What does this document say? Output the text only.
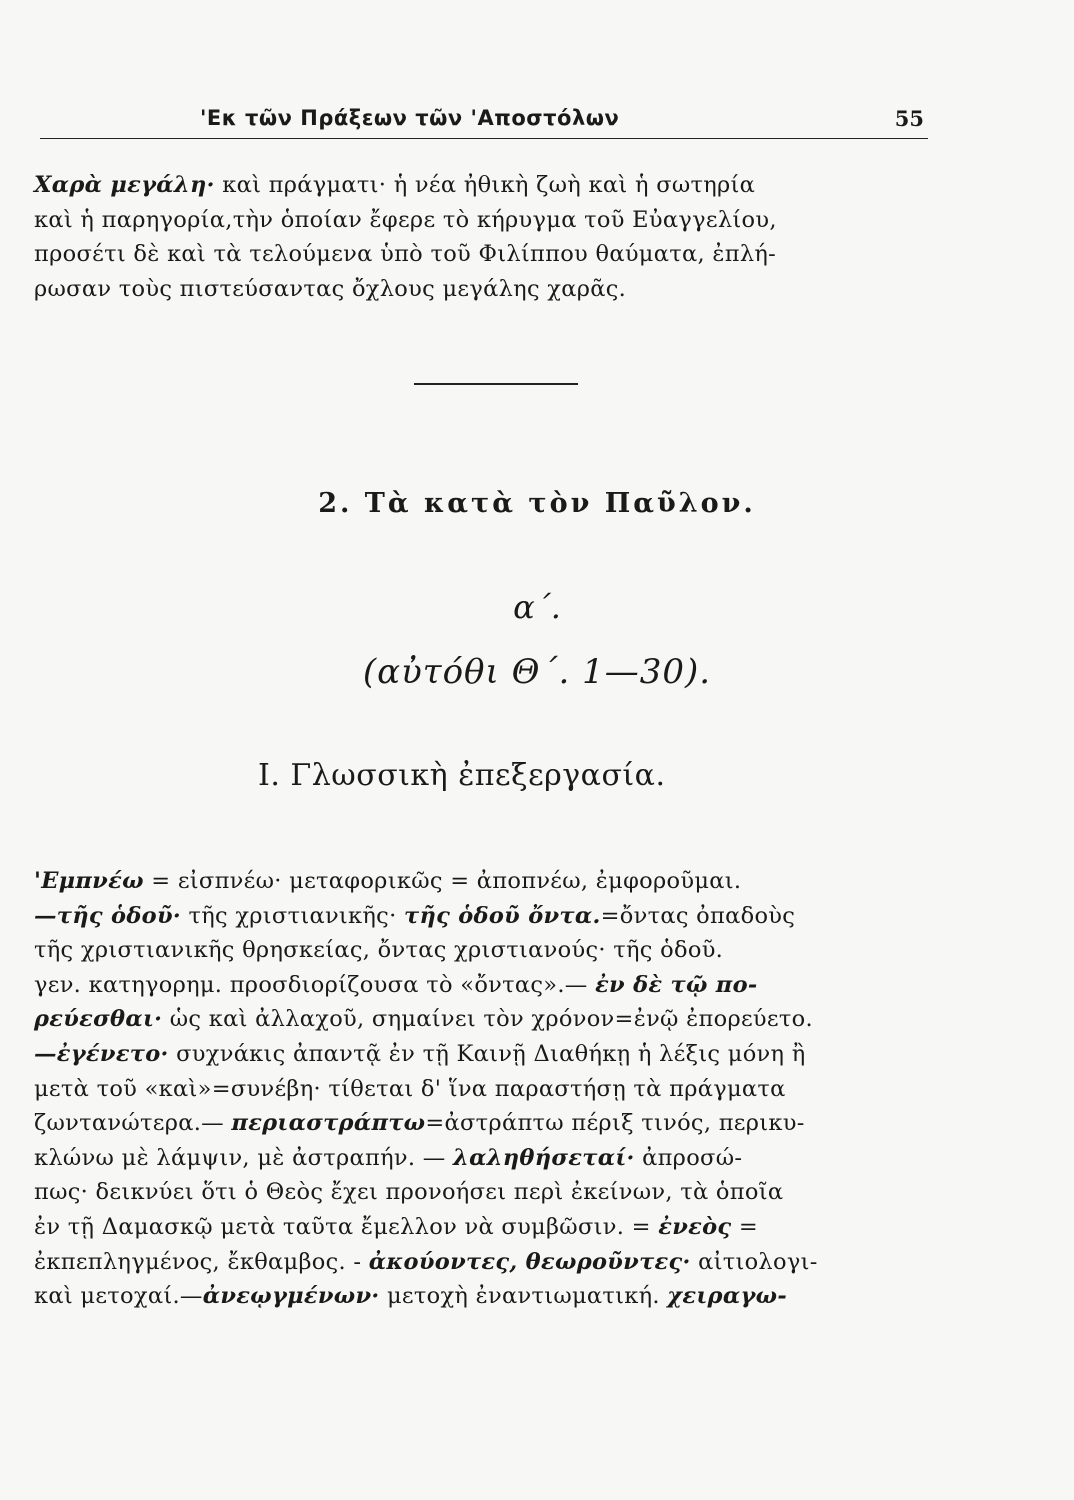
'Εκ τῶν Πράξεων τῶν 'Αποστόλων	55
Χαρὰ μεγάλη· καὶ πράγματι· ἡ νέα ἠθικὴ ζωὴ καὶ ἡ σωτηρία
καὶ ἡ παρηγορία,τὴν ὁποίαν ἔφερε τὸ κήρυγμα τοῦ Εὐαγγελίου,
προσέτι δὲ καὶ τὰ τελούμενα ὑπὸ τοῦ Φιλίππου θαύματα, ἐπλή-
ρωσαν τοὺς πιστεύσαντας ὄχλους μεγάλης χαρᾶς.
2. Τὰ κατὰ τὸν Παῦλον.
α΄.
(αὐτόθι Θ΄. 1—30).
Ι. Γλωσσικὴ ἐπεξεργασία.
'Εμπνέω = εἰσπνέω· μεταφορικῶς = ἀποπνέω, ἐμφοροῦμαι.
—τῆς ὁδοῦ· τῆς χριστιανικῆς· τῆς ὁδοῦ ὄντα.=ὄντας ὀπαδοὺς
τῆς χριστιανικῆς θρησκείας, ὄντας χριστιανούς· τῆς ὁδοῦ.
γεν. κατηγορημ. προσδιορίζουσα τὸ «ὄντας».— ἐν δὲ τῷ πο-
ρεύεσθαι· ὡς καὶ ἀλλαχοῦ, σημαίνει τὸν χρόνον=ἐνῷ ἐπορεύετο.
—ἐγένετο· συχνάκις ἀπαντᾷ ἐν τῇ Καινῇ Διαθήκῃ ἡ λέξις μόνη ἢ
μετὰ τοῦ «καὶ»=συνέβη· τίθεται δ' ἵνα παραστήσῃ τὰ πράγματα
ζωντανώτερα.— περιαστράπτω=ἀστράπτω πέριξ τινός, περικυ-
κλώνω μὲ λάμψιν, μὲ ἀστραπήν. — λαληθήσεταί· ἀπροσώ-
πως· δεικνύει ὅτι ὁ Θεὸς ἔχει προνοήσει περὶ ἐκείνων, τὰ ὁποῖα
ἐν τῇ Δαμασκῷ μετὰ ταῦτα ἔμελλον νὰ συμβῶσιν. = ἐνεὸς =
ἐκπεπληγμένος, ἔκθαμβος. - ἀκούοντες, θεωροῦντες· αἰτιολογι-
καὶ μετοχαί.—ἀνεῳγμένων· μετοχὴ ἐναντιωματική. χειραγω-
